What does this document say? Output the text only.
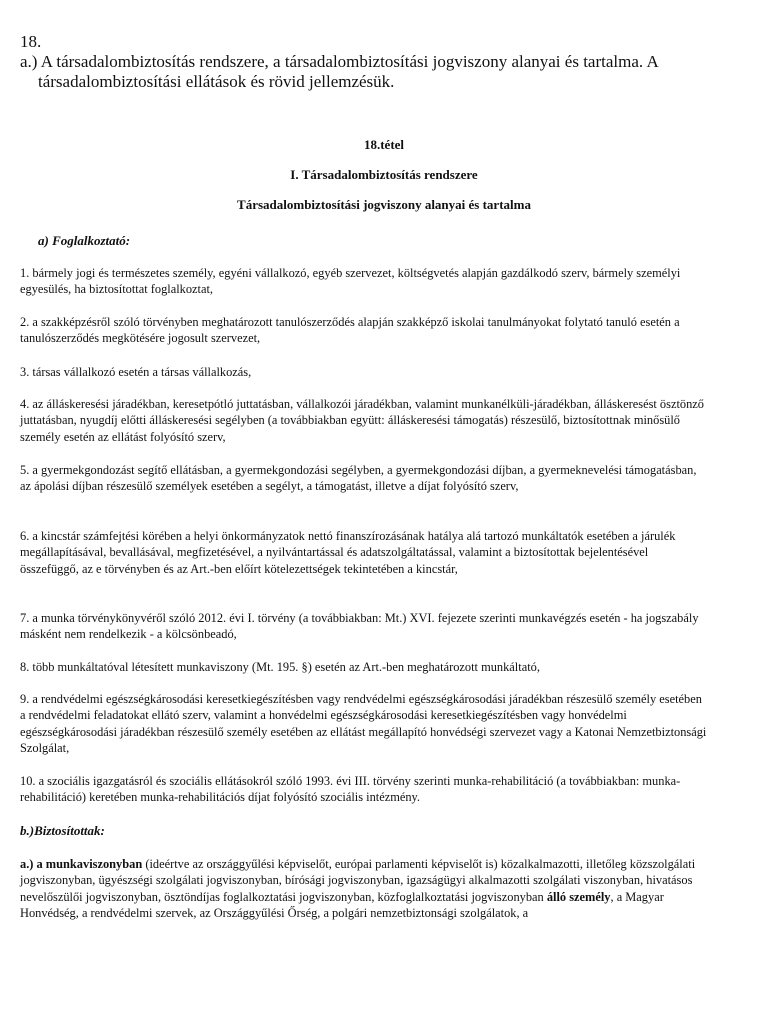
18.
a.) A társadalombiztosítás rendszere, a társadalombiztosítási jogviszony alanyai és tartalma. A
társadalombiztosítási ellátások és rövid jellemzésük.
18.tétel
I. Társadalombiztosítás rendszere
Társadalombiztosítási jogviszony alanyai és tartalma
a) Foglalkoztató:
1. bármely jogi és természetes személy, egyéni vállalkozó, egyéb szervezet, költségvetés alapján gazdálkodó szerv, bármely személyi egyesülés, ha biztosítottat foglalkoztat,
2. a szakképzésről szóló törvényben meghatározott tanulószerződés alapján szakképző iskolai tanulmányokat folytató tanuló esetén a tanulószerződés megkötésére jogosult szervezet,
3. társas vállalkozó esetén a társas vállalkozás,
4. az álláskeresési járadékban, keresetpótló juttatásban, vállalkozói járadékban, valamint munkanélküli-járadékban, álláskeresést ösztönző juttatásban, nyugdíj előtti álláskeresési segélyben (a továbbiakban együtt: álláskeresési támogatás) részesülő, biztosítottnak minősülő személy esetén az ellátást folyósító szerv,
5. a gyermekgondozást segítő ellátásban, a gyermekgondozási segélyben, a gyermekgondozási díjban, a gyermeknevelési támogatásban, az ápolási díjban részesülő személyek esetében a segélyt, a támogatást, illetve a díjat folyósító szerv,
6. a kincstár számfejtési körében a helyi önkormányzatok nettó finanszírozásának hatálya alá tartozó munkáltatók esetében a járulék megállapításával, bevallásával, megfizetésével, a nyilvántartással és adatszolgáltatással, valamint a biztosítottak bejelentésével összefüggő, az e törvényben és az Art.-ben előírt kötelezettségek tekintetében a kincstár,
7. a munka törvénykönyvéről szóló 2012. évi I. törvény (a továbbiakban: Mt.) XVI. fejezete szerinti munkavégzés esetén - ha jogszabály másként nem rendelkezik - a kölcsönbeadó,
8. több munkáltatóval létesített munkaviszony (Mt. 195. §) esetén az Art.-ben meghatározott munkáltató,
9. a rendvédelmi egészségkárosodási keresetkiegészítésben vagy rendvédelmi egészségkárosodási járadékban részesülő személy esetében a rendvédelmi feladatokat ellátó szerv, valamint a honvédelmi egészségkárosodási keresetkiegészítésben vagy honvédelmi egészségkárosodási járadékban részesülő személy esetében az ellátást megállapító honvédségi szervezet vagy a Katonai Nemzetbiztonsági Szolgálat,
10. a szociális igazgatásról és szociális ellátásokról szóló 1993. évi III. törvény szerinti munka-rehabilitáció (a továbbiakban: munka-rehabilitáció) keretében munka-rehabilitációs díjat folyósító szociális intézmény.
b.)Biztosítottak:
a.) a munkaviszonyban (ideértve az országgyűlési képviselőt, európai parlamenti képviselőt is) közalkalmazotti, illetőleg közszolgálati jogviszonyban, ügyészségi szolgálati jogviszonyban, bírósági jogviszonyban, igazságügyi alkalmazotti szolgálati viszonyban, hivatásos nevelőszülői jogviszonyban, ösztöndíjas foglalkoztatási jogviszonyban, közfoglalkoztatási jogviszonyban álló személy, a Magyar Honvédség, a rendvédelmi szervek, az Országgyűlési Őrség, a polgári nemzetbiztonsági szolgálatok, a
